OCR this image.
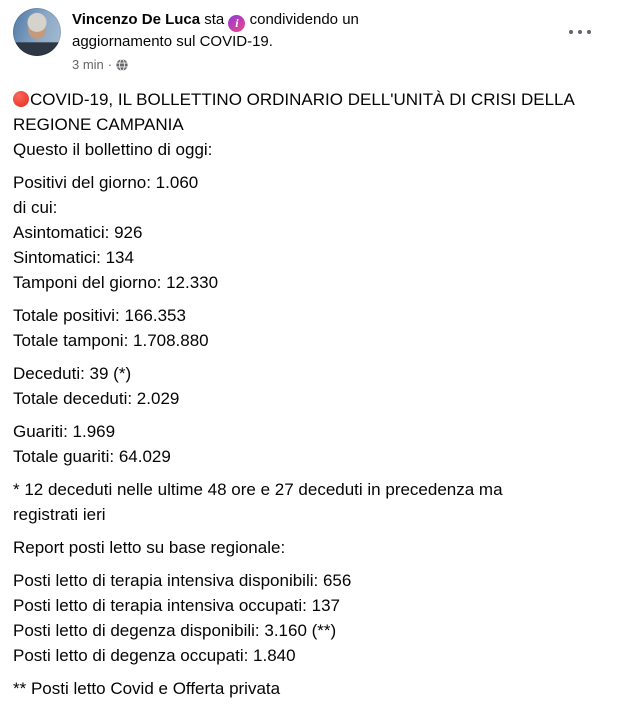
Vincenzo De Luca sta i condividendo un
aggiornamento sul COVID-19.
3 min ·
COVID-19, IL BOLLETTINO ORDINARIO DELL'UNITÀ DI CRISI DELLA
REGIONE CAMPANIA
Questo il bollettino di oggi:
Positivi del giorno: 1.060
di cui:
Asintomatici: 926
Sintomatici: 134
Tamponi del giorno: 12.330
Totale positivi: 166.353
Totale tamponi: 1.708.880
Deceduti: 39 (*)
Totale deceduti: 2.029
Guariti: 1.969
Totale guariti: 64.029
* 12 deceduti nelle ultime 48 ore e 27 deceduti in precedenza ma
registrati ieri
Report posti letto su base regionale:
Posti letto di terapia intensiva disponibili: 656
Posti letto di terapia intensiva occupati: 137
Posti letto di degenza disponibili: 3.160 (**)
Posti letto di degenza occupati: 1.840
** Posti letto Covid e Offerta privata
